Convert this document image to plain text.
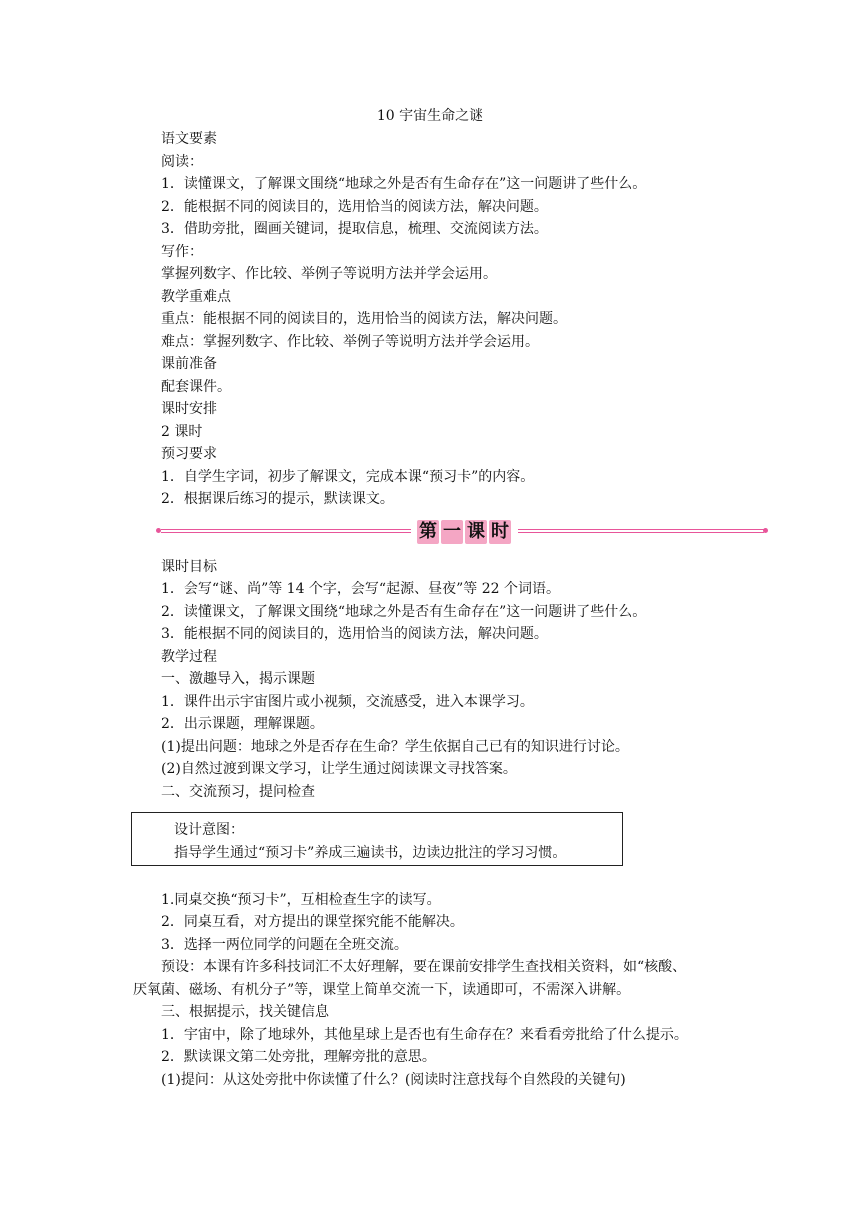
10 宇宙生命之谜

语文要素

阅读：

1．读懂课文，了解课文围绕“地球之外是否有生命存在”这一问题讲了些什么。

2．能根据不同的阅读目的，选用恰当的阅读方法，解决问题。

3．借助旁批，圈画关键词，提取信息，梳理、交流阅读方法。

写作：

掌握列数字、作比较、举例子等说明方法并学会运用。

教学重难点

重点：能根据不同的阅读目的，选用恰当的阅读方法，解决问题。

难点：掌握列数字、作比较、举例子等说明方法并学会运用。

课前准备

配套课件。

课时安排

2 课时

预习要求

1．自学生字词，初步了解课文，完成本课“预习卡”的内容。

2．根据课后练习的提示，默读课文。

第 一 课 时

课时目标

1．会写“谜、尚”等 14 个字，会写“起源、昼夜”等 22 个词语。

2．读懂课文，了解课文围绕“地球之外是否有生命存在”这一问题讲了些什么。

3．能根据不同的阅读目的，选用恰当的阅读方法，解决问题。

教学过程

一、激趣导入，揭示课题

1．课件出示宇宙图片或小视频，交流感受，进入本课学习。

2．出示课题，理解课题。

(1)提出问题：地球之外是否存在生命？学生依据自己已有的知识进行讨论。

(2)自然过渡到课文学习，让学生通过阅读课文寻找答案。

二、交流预习，提问检查

设计意图：

指导学生通过“预习卡”养成三遍读书，边读边批注的学习习惯。

1.同桌交换“预习卡”，互相检查生字的读写。

2．同桌互看，对方提出的课堂探究能不能解决。

3．选择一两位同学的问题在全班交流。

预设：本课有许多科技词汇不太好理解，要在课前安排学生查找相关资料，如“核酸、

厌氧菌、磁场、有机分子”等，课堂上简单交流一下，读通即可，不需深入讲解。

三、根据提示，找关键信息

1．宇宙中，除了地球外，其他星球上是否也有生命存在？来看看旁批给了什么提示。

2．默读课文第二处旁批，理解旁批的意思。

(1)提问：从这处旁批中你读懂了什么？(阅读时注意找每个自然段的关键句)
